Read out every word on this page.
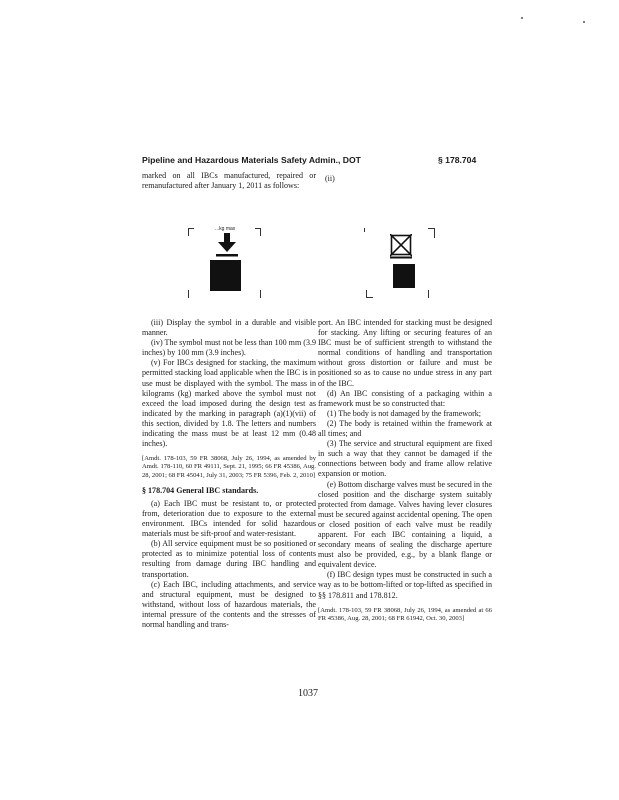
Pipeline and Hazardous Materials Safety Admin., DOT	§ 178.704

marked on all IBCs manufactured, repaired or remanufactured after January 1, 2011 as follows:

(ii)
...kg max

(iii) Display the symbol in a durable and visible manner.

(iv) The symbol must not be less than 100 mm (3.9 inches) by 100 mm (3.9 inches).

(v) For IBCs designed for stacking, the maximum permitted stacking load applicable when the IBC is in use must be displayed with the symbol. The mass in kilograms (kg) marked above the symbol must not exceed the load imposed during the design test as indicated by the marking in paragraph (a)(1)(vii) of this section, divided by 1.8. The letters and numbers indicating the mass must be at least 12 mm (0.48 inches).

[Amdt. 178-103, 59 FR 38068, July 26, 1994, as amended by Amdt. 178-110, 60 FR 49111, Sept. 21, 1995; 66 FR 45386, Aug. 28, 2001; 68 FR 45041, July 31, 2003; 75 FR 5396, Feb. 2, 2010]

§ 178.704 General IBC standards.

(a) Each IBC must be resistant to, or protected from, deterioration due to exposure to the external environment. IBCs intended for solid hazardous materials must be sift-proof and water-resistant.

(b) All service equipment must be so positioned or protected as to minimize potential loss of contents resulting from damage during IBC handling and transportation.

(c) Each IBC, including attachments, and service and structural equipment, must be designed to withstand, without loss of hazardous materials, the internal pressure of the contents and the stresses of normal handling and trans-

port. An IBC intended for stacking must be designed for stacking. Any lifting or securing features of an IBC must be of sufficient strength to withstand the normal conditions of handling and transportation without gross distortion or failure and must be positioned so as to cause no undue stress in any part of the IBC.

(d) An IBC consisting of a packaging within a framework must be so constructed that:

(1) The body is not damaged by the framework;

(2) The body is retained within the framework at all times; and

(3) The service and structural equipment are fixed in such a way that they cannot be damaged if the connections between body and frame allow relative expansion or motion.

(e) Bottom discharge valves must be secured in the closed position and the discharge system suitably protected from damage. Valves having lever closures must be secured against accidental opening. The open or closed position of each valve must be readily apparent. For each IBC containing a liquid, a secondary means of sealing the discharge aperture must also be provided, e.g., by a blank flange or equivalent device.

(f) IBC design types must be constructed in such a way as to be bottom-lifted or top-lifted as specified in §§ 178.811 and 178.812.

[Amdt. 178-103, 59 FR 38068, July 26, 1994, as amended at 66 FR 45386, Aug. 28, 2001; 68 FR 61942, Oct. 30, 2003]

1037
